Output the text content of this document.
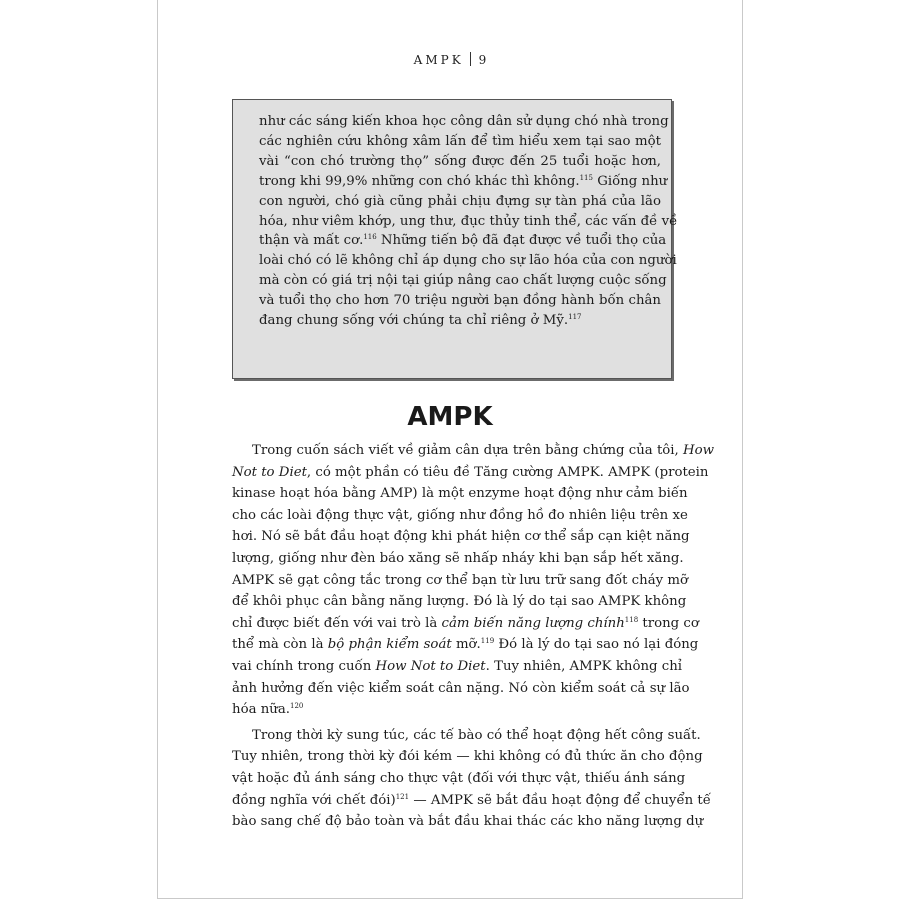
AMPK 9
như các sáng kiến khoa học công dân sử dụng chó nhà trong
các nghiên cứu không xâm lấn để tìm hiểu xem tại sao một
vài “con chó trường thọ” sống được đến 25 tuổi hoặc hơn,
trong khi 99,9% những con chó khác thì không.$^{115}$ Giống như
con người, chó già cũng phải chịu đựng sự tàn phá của lão
hóa, như viêm khớp, ung thư, đục thủy tinh thể, các vấn đề về
thận và mất cơ.$^{116}$ Những tiến bộ đã đạt được về tuổi thọ của
loài chó có lẽ không chỉ áp dụng cho sự lão hóa của con người
mà còn có giá trị nội tại giúp nâng cao chất lượng cuộc sống
và tuổi thọ cho hơn 70 triệu người bạn đồng hành bốn chân
đang chung sống với chúng ta chỉ riêng ở Mỹ.$^{117}$
AMPK
Trong cuốn sách viết về giảm cân dựa trên bằng chứng của tôi, How
Not to Diet, có một phần có tiêu đề Tăng cường AMPK. AMPK (protein
kinase hoạt hóa bằng AMP) là một enzyme hoạt động như cảm biến
cho các loài động thực vật, giống như đồng hồ đo nhiên liệu trên xe
hơi. Nó sẽ bắt đầu hoạt động khi phát hiện cơ thể sắp cạn kiệt năng
lượng, giống như đèn báo xăng sẽ nhấp nháy khi bạn sắp hết xăng.
AMPK sẽ gạt công tắc trong cơ thể bạn từ lưu trữ sang đốt cháy mỡ
để khôi phục cân bằng năng lượng. Đó là lý do tại sao AMPK không
chỉ được biết đến với vai trò là cảm biến năng lượng chính$^{118}$ trong cơ
thể mà còn là bộ phận kiểm soát mỡ.$^{119}$ Đó là lý do tại sao nó lại đóng
vai chính trong cuốn How Not to Diet. Tuy nhiên, AMPK không chỉ
ảnh hưởng đến việc kiểm soát cân nặng. Nó còn kiểm soát cả sự lão
hóa nữa.$^{120}$
Trong thời kỳ sung túc, các tế bào có thể hoạt động hết công suất.
Tuy nhiên, trong thời kỳ đói kém — khi không có đủ thức ăn cho động
vật hoặc đủ ánh sáng cho thực vật (đối với thực vật, thiếu ánh sáng
đồng nghĩa với chết đói)$^{121}$ — AMPK sẽ bắt đầu hoạt động để chuyển tế
bào sang chế độ bảo toàn và bắt đầu khai thác các kho năng lượng dự
